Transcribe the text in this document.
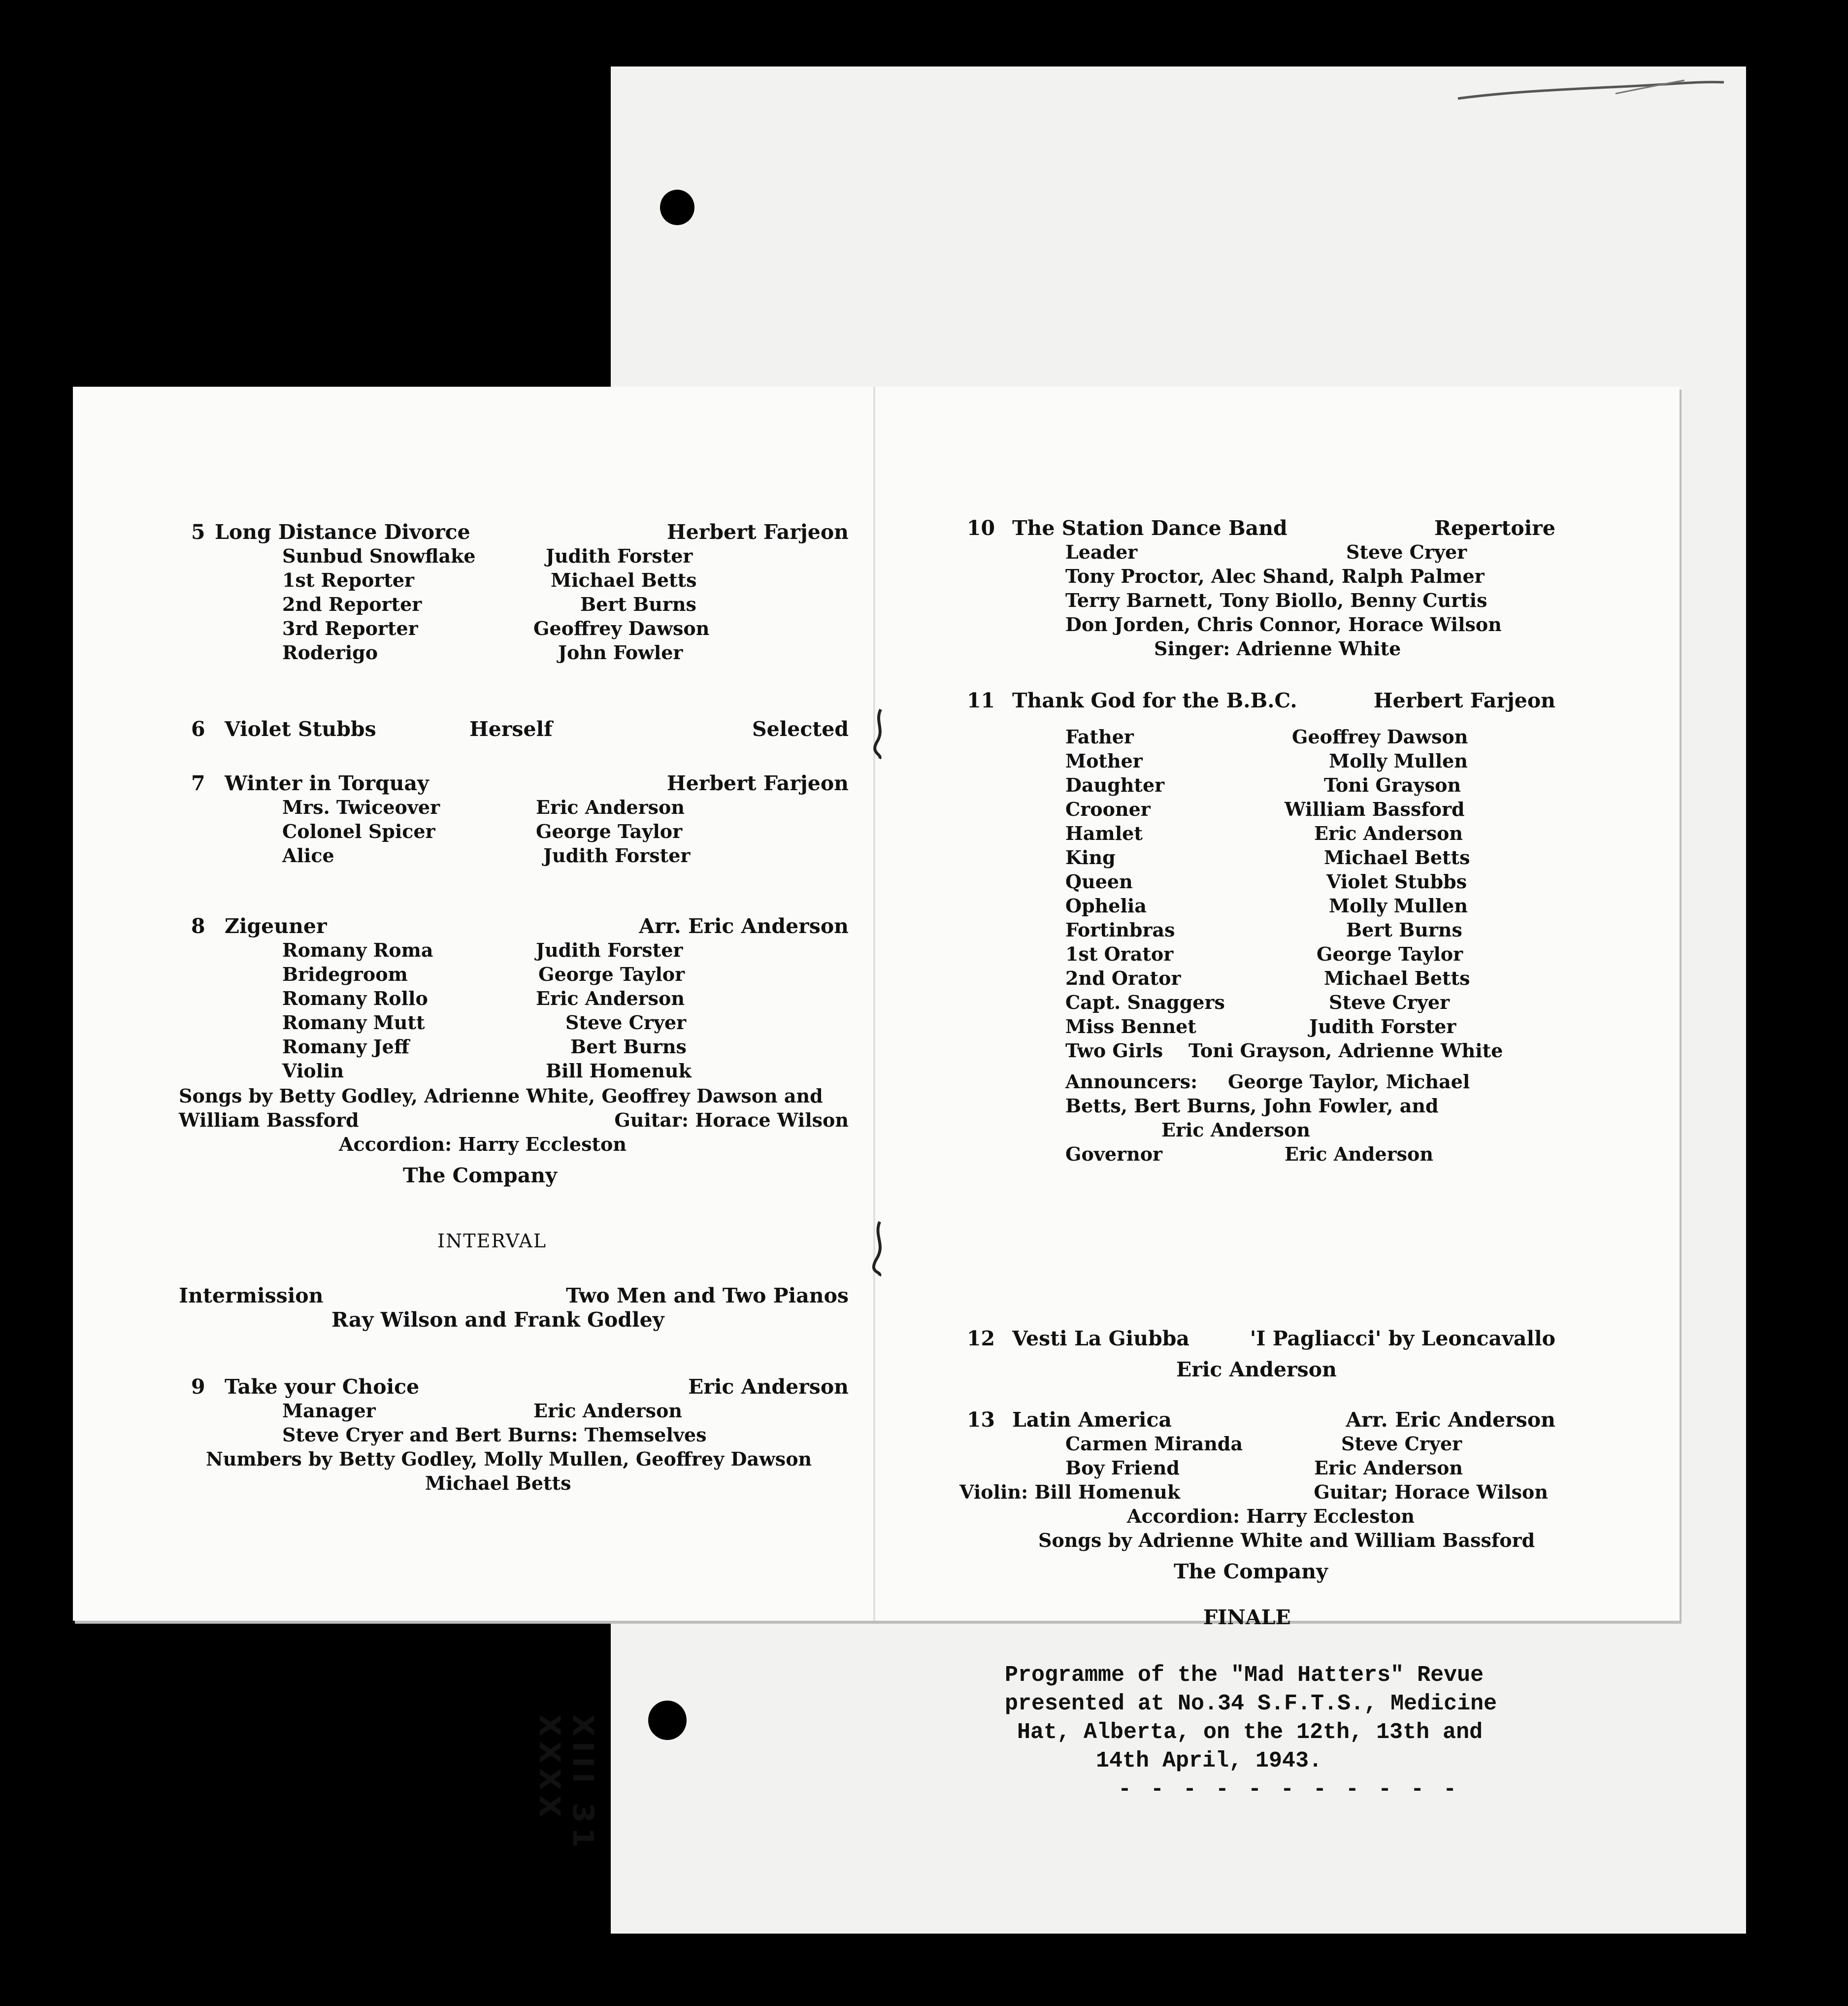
XIII 31 XXXX
5 Long Distance Divorce	Herbert Farjeon
Sunbud Snowflake	Judith Forster
1st Reporter	Michael Betts
2nd Reporter	Bert Burns
3rd Reporter	Geoffrey Dawson
Roderigo	John Fowler
6 Violet Stubbs	Herself	Selected
7 Winter in Torquay	Herbert Farjeon
Mrs. Twiceover	Eric Anderson
Colonel Spicer	George Taylor
Alice	Judith Forster
8 Zigeuner	Arr. Eric Anderson
Romany Roma	Judith Forster
Bridegroom	George Taylor
Romany Rollo	Eric Anderson
Romany Mutt	Steve Cryer
Romany Jeff	Bert Burns
Violin	Bill Homenuk
Songs by Betty Godley, Adrienne White, Geoffrey Dawson and
William Bassford	Guitar: Horace Wilson
Accordion: Harry Eccleston
The Company
INTERVAL
Intermission	Two Men and Two Pianos
Ray Wilson and Frank Godley
9 Take your Choice	Eric Anderson
Manager	Eric Anderson
Steve Cryer and Bert Burns: Themselves
Numbers by Betty Godley, Molly Mullen, Geoffrey Dawson
Michael Betts
10 The Station Dance Band	Repertoire
Leader	Steve Cryer
Tony Proctor, Alec Shand, Ralph Palmer
Terry Barnett, Tony Biollo, Benny Curtis
Don Jorden, Chris Connor, Horace Wilson
Singer: Adrienne White
11 Thank God for the B.B.C.	Herbert Farjeon
Father	Geoffrey Dawson
Mother	Molly Mullen
Daughter	Toni Grayson
Crooner	William Bassford
Hamlet	Eric Anderson
King	Michael Betts
Queen	Violet Stubbs
Ophelia	Molly Mullen
Fortinbras	Bert Burns
1st Orator	George Taylor
2nd Orator	Michael Betts
Capt. Snaggers	Steve Cryer
Miss Bennet	Judith Forster
Two Girls Toni Grayson, Adrienne White
Announcers: George Taylor, Michael
Betts, Bert Burns, John Fowler, and
Eric Anderson
Governor	Eric Anderson
12 Vesti La Giubba	'I Pagliacci' by Leoncavallo
Eric Anderson
13 Latin America	Arr. Eric Anderson
Carmen Miranda	Steve Cryer
Boy Friend	Eric Anderson
Violin: Bill Homenuk	Guitar; Horace Wilson
Accordion: Harry Eccleston
Songs by Adrienne White and William Bassford
The Company
FINALE
Programme of the "Mad Hatters" Revue
presented at No.34 S.F.T.S., Medicine
Hat, Alberta, on the 12th, 13th and
14th April, 1943.
- - - - - - - - - - -
